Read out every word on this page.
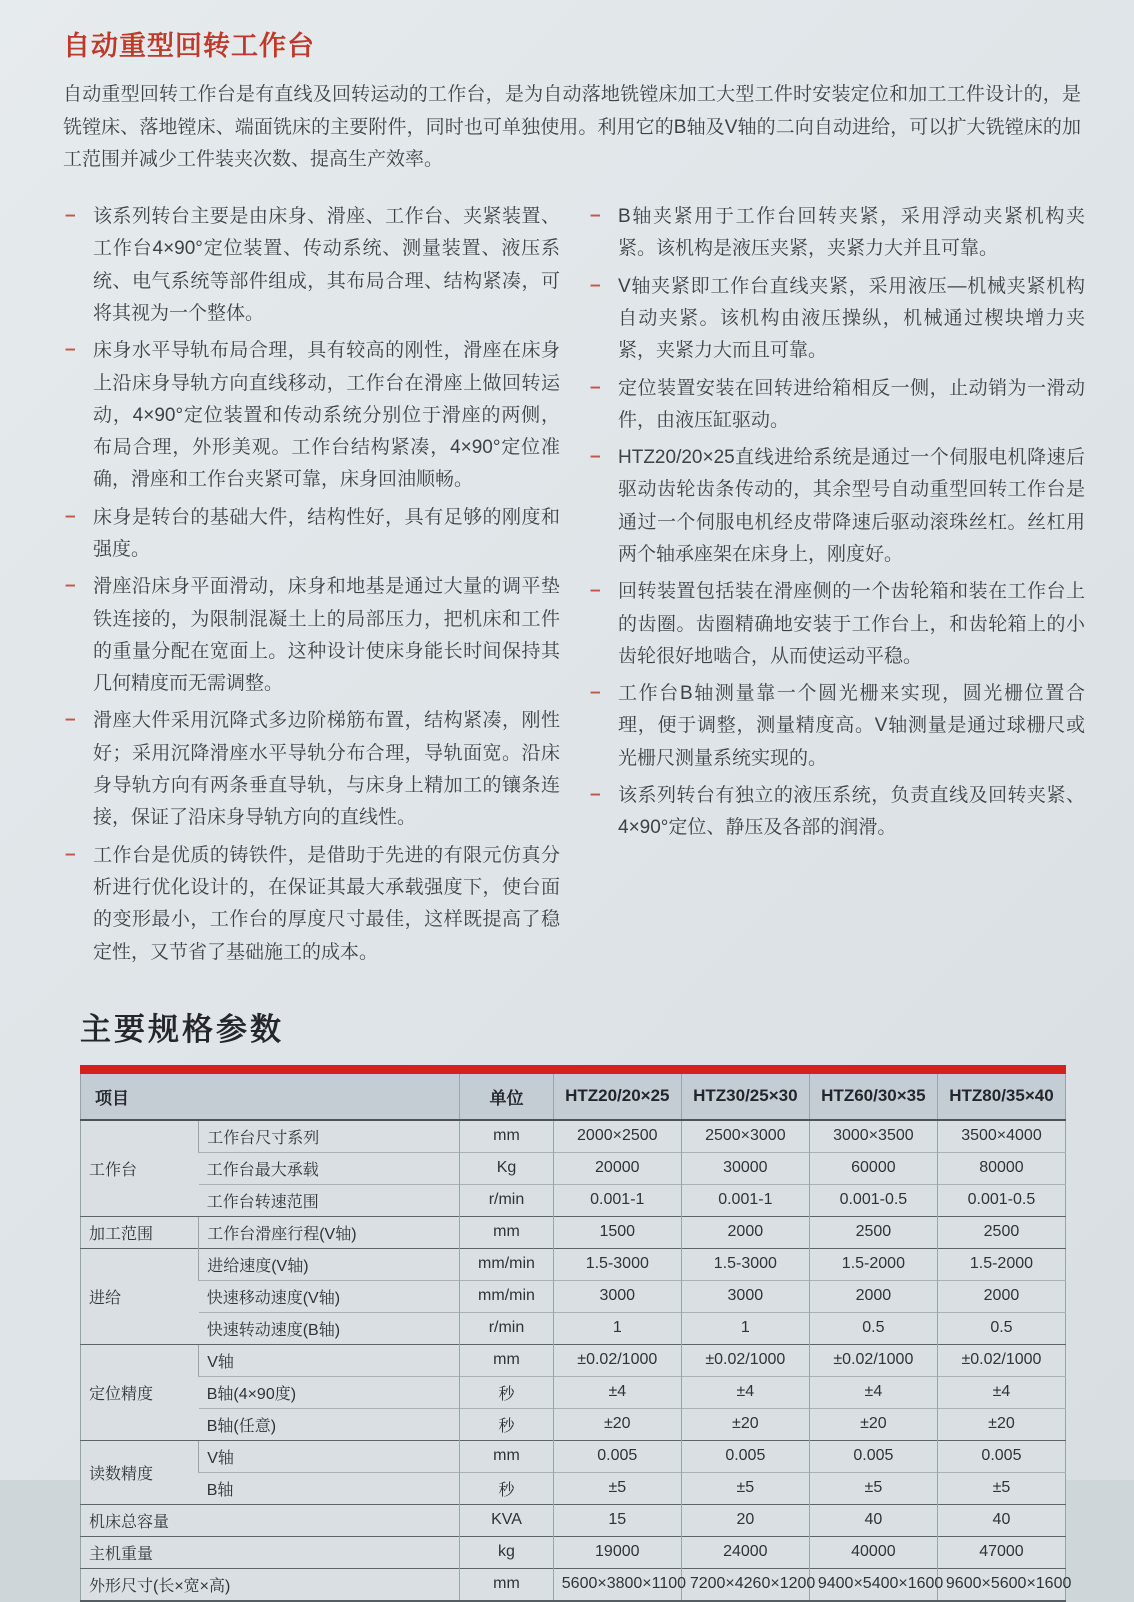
自动重型回转工作台

自动重型回转工作台是有直线及回转运动的工作台，是为自动落地铣镗床加工大型工件时安装定位和加工工件设计的，是铣镗床、落地镗床、端面铣床的主要附件，同时也可单独使用。利用它的B轴及V轴的二向自动进给，可以扩大铣镗床的加工范围并减少工件装夹次数、提高生产效率。

– 该系列转台主要是由床身、滑座、工作台、夹紧装置、工作台4×90°定位装置、传动系统、测量装置、液压系统、电气系统等部件组成，其布局合理、结构紧凑，可将其视为一个整体。
– 床身水平导轨布局合理，具有较高的刚性，滑座在床身上沿床身导轨方向直线移动，工作台在滑座上做回转运动，4×90°定位装置和传动系统分别位于滑座的两侧，布局合理，外形美观。工作台结构紧凑，4×90°定位准确，滑座和工作台夹紧可靠，床身回油顺畅。
– 床身是转台的基础大件，结构性好，具有足够的刚度和强度。
– 滑座沿床身平面滑动，床身和地基是通过大量的调平垫铁连接的，为限制混凝土上的局部压力，把机床和工件的重量分配在宽面上。这种设计使床身能长时间保持其几何精度而无需调整。
– 滑座大件采用沉降式多边阶梯筋布置，结构紧凑，刚性好；采用沉降滑座水平导轨分布合理，导轨面宽。沿床身导轨方向有两条垂直导轨，与床身上精加工的镶条连接，保证了沿床身导轨方向的直线性。
– 工作台是优质的铸铁件，是借助于先进的有限元仿真分析进行优化设计的，在保证其最大承载强度下，使台面的变形最小，工作台的厚度尺寸最佳，这样既提高了稳定性，又节省了基础施工的成本。
– B轴夹紧用于工作台回转夹紧，采用浮动夹紧机构夹紧。该机构是液压夹紧，夹紧力大并且可靠。
– V轴夹紧即工作台直线夹紧，采用液压—机械夹紧机构自动夹紧。该机构由液压操纵，机械通过楔块增力夹紧，夹紧力大而且可靠。
– 定位装置安装在回转进给箱相反一侧，止动销为一滑动件，由液压缸驱动。
– HTZ20/20×25直线进给系统是通过一个伺服电机降速后驱动齿轮齿条传动的，其余型号自动重型回转工作台是通过一个伺服电机经皮带降速后驱动滚珠丝杠。丝杠用两个轴承座架在床身上，刚度好。
– 回转装置包括装在滑座侧的一个齿轮箱和装在工作台上的齿圈。齿圈精确地安装于工作台上，和齿轮箱上的小齿轮很好地啮合，从而使运动平稳。
– 工作台B轴测量靠一个圆光栅来实现，圆光栅位置合理，便于调整，测量精度高。V轴测量是通过球栅尺或光栅尺测量系统实现的。
– 该系列转台有独立的液压系统，负责直线及回转夹紧、4×90°定位、静压及各部的润滑。
主要规格参数
项目		单位	HTZ20/20×25	HTZ30/25×30	HTZ60/30×35	HTZ80/35×40
工作台	工作台尺寸系列	mm	2000×2500	2500×3000	3000×3500	3500×4000
	工作台最大承载	Kg	20000	30000	60000	80000
	工作台转速范围	r/min	0.001-1	0.001-1	0.001-0.5	0.001-0.5
加工范围	工作台滑座行程(V轴)	mm	1500	2000	2500	2500
进给	进给速度(V轴)	mm/min	1.5-3000	1.5-3000	1.5-2000	1.5-2000
	快速移动速度(V轴)	mm/min	3000	3000	2000	2000
	快速转动速度(B轴)	r/min	1	1	0.5	0.5
定位精度	V轴	mm	±0.02/1000	±0.02/1000	±0.02/1000	±0.02/1000
	B轴(4×90度)	秒	±4	±4	±4	±4
	B轴(任意)	秒	±20	±20	±20	±20
读数精度	V轴	mm	0.005	0.005	0.005	0.005
	B轴	秒	±5	±5	±5	±5
机床总容量		KVA	15	20	40	40
主机重量		kg	19000	24000	40000	47000
外形尺寸(长×宽×高)		mm	5600×3800×1100	7200×4260×1200	9400×5400×1600	9600×5600×1600
